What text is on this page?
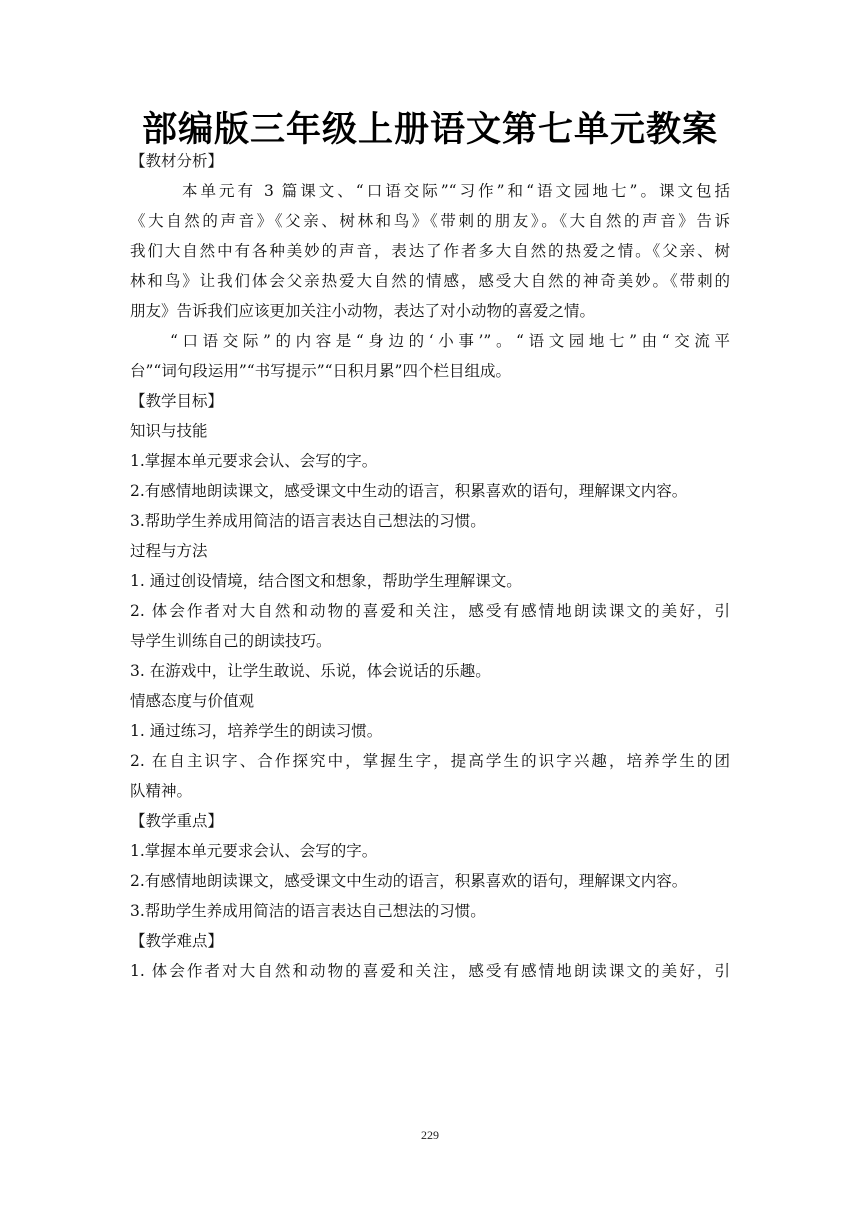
部编版三年级上册语文第七单元教案
【教材分析】
本单元有 3 篇课文、“口语交际”“习作”和“语文园地七”。课文包括
《大自然的声音》《父亲、树林和鸟》《带刺的朋友》。《大自然的声音》告诉
我们大自然中有各种美妙的声音，表达了作者多大自然的热爱之情。《父亲、树
林和鸟》让我们体会父亲热爱大自然的情感，感受大自然的神奇美妙。《带刺的
朋友》告诉我们应该更加关注小动物，表达了对小动物的喜爱之情。
“口语交际”的内容是“身边的‘小事’”。“语文园地七”由“交流平
台”“词句段运用”“书写提示”“日积月累”四个栏目组成。
【教学目标】
知识与技能
1.掌握本单元要求会认、会写的字。
2.有感情地朗读课文，感受课文中生动的语言，积累喜欢的语句，理解课文内容。
3.帮助学生养成用简洁的语言表达自己想法的习惯。
过程与方法
1. 通过创设情境，结合图文和想象，帮助学生理解课文。
2. 体会作者对大自然和动物的喜爱和关注，感受有感情地朗读课文的美好，引
导学生训练自己的朗读技巧。
3. 在游戏中，让学生敢说、乐说，体会说话的乐趣。
情感态度与价值观
1. 通过练习，培养学生的朗读习惯。
2. 在自主识字、合作探究中，掌握生字，提高学生的识字兴趣，培养学生的团
队精神。
【教学重点】
1.掌握本单元要求会认、会写的字。
2.有感情地朗读课文，感受课文中生动的语言，积累喜欢的语句，理解课文内容。
3.帮助学生养成用简洁的语言表达自己想法的习惯。
【教学难点】
1. 体会作者对大自然和动物的喜爱和关注，感受有感情地朗读课文的美好，引
229
